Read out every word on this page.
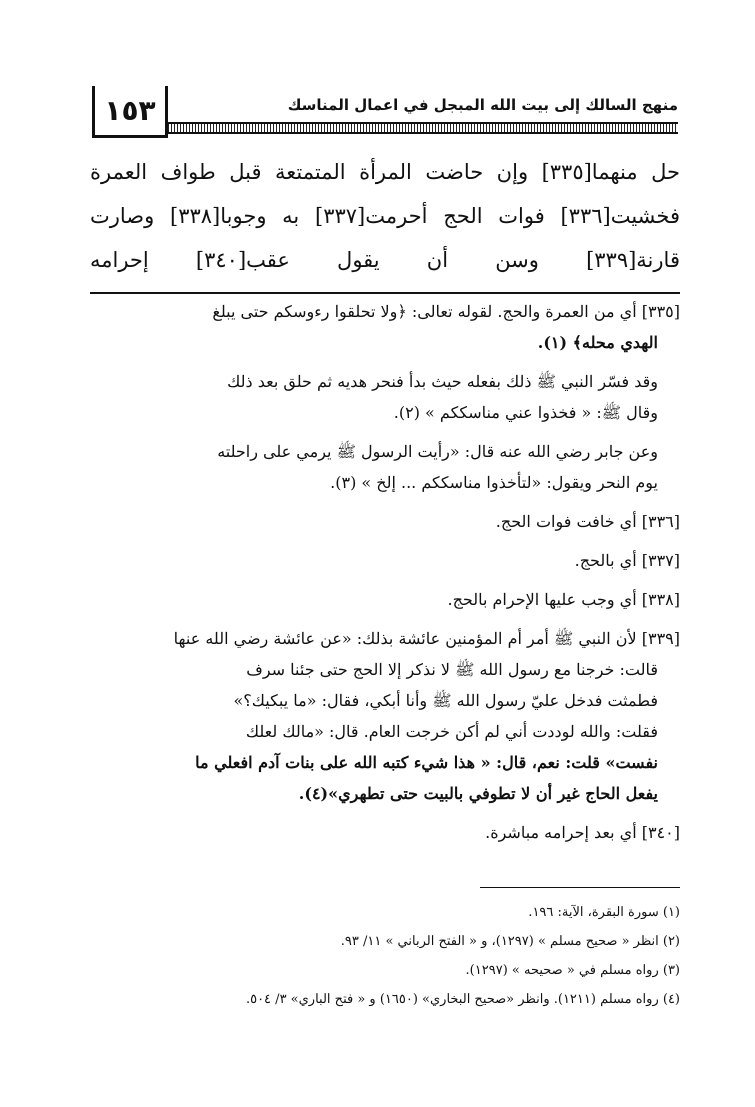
١٥٣	منهج السالك إلى بيت الله المبجل في اعمال المناسك
حل منهما[٣٣٥] وإن حاضت المرأة المتمتعة قبل طواف العمرة
فخشيت[٣٣٦] فوات الحج أحرمت[٣٣٧] به وجوبا[٣٣٨] وصارت
قارنة[٣٣٩] وسن أن يقول عقب[٣٤٠] إحرامه
[٣٣٥] أي من العمرة والحج. لقوله تعالى: ﴿ولا تحلقوا رءوسكم حتى يبلغ
الهدي محله﴾ (١).
وقد فسّر النبي ﷺ ذلك بفعله حيث بدأ فنحر هديه ثم حلق بعد ذلك
وقال ﷺ: « فخذوا عني مناسككم » (٢).
وعن جابر رضي الله عنه قال: «رأيت الرسول ﷺ يرمي على راحلته
يوم النحر ويقول: «لتأخذوا مناسككم ... إلخ » (٣).
[٣٣٦] أي خافت فوات الحج.
[٣٣٧] أي بالحج.
[٣٣٨] أي وجب عليها الإحرام بالحج.
[٣٣٩] لأن النبي ﷺ أمر أم المؤمنين عائشة بذلك: «عن عائشة رضي الله عنها
قالت: خرجنا مع رسول الله ﷺ لا نذكر إلا الحج حتى جئنا سرف
فطمثت فدخل عليّ رسول الله ﷺ وأنا أبكي، فقال: «ما يبكيك؟»
فقلت: والله لوددت أني لم أكن خرجت العام. قال: «مالك لعلك
نفست» قلت: نعم، قال: « هذا شيء كتبه الله على بنات آدم افعلي ما
يفعل الحاج غير أن لا تطوفي بالبيت حتى تطهري»(٤).
[٣٤٠] أي بعد إحرامه مباشرة.
(١) سورة البقرة، الآية: ١٩٦.
(٢) انظر « صحيح مسلم » (١٢٩٧)، و « الفتح الرباني » ١١/ ٩٣.
(٣) رواه مسلم في « صحيحه » (١٢٩٧).
(٤) رواه مسلم (١٢١١). وانظر «صحيح البخاري» (١٦٥٠) و « فتح الباري» ٣/ ٥٠٤.
